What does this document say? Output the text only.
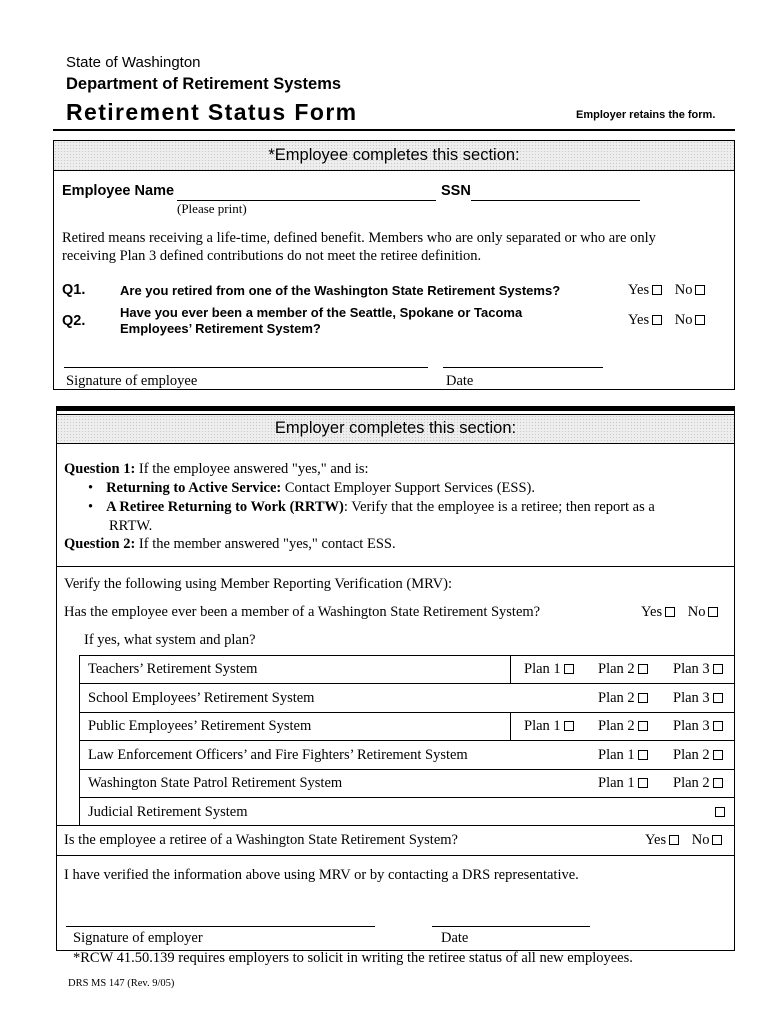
State of Washington
Department of Retirement Systems
Retirement Status Form	Employer retains the form.
*Employee completes this section:
Employee Name
(Please print)
SSN
Retired means receiving a life-time, defined benefit. Members who are only separated or who are only
receiving Plan 3 defined contributions do not meet the retiree definition.
Q1.	Are you retired from one of the Washington State Retirement Systems?	Yes No
Q2.
Have you ever been a member of the Seattle, Spokane or Tacoma
Employees’ Retirement System?
Yes No
Signature of employee	Date
Employer completes this section:
Question 1: If the employee answered "yes," and is:
• Returning to Active Service: Contact Employer Support Services (ESS).
• A Retiree Returning to Work (RRTW): Verify that the employee is a retiree; then report as a
RRTW.
Question 2: If the member answered "yes," contact ESS.
Verify the following using Member Reporting Verification (MRV):
Has the employee ever been a member of a Washington State Retirement System?	Yes No
If yes, what system and plan?
Teachers’ Retirement System	Plan 1	Plan 2	Plan 3
School Employees’ Retirement System	Plan 2	Plan 3
Public Employees’ Retirement System	Plan 1	Plan 2	Plan 3
Law Enforcement Officers’ and Fire Fighters’ Retirement System	Plan 1	Plan 2
Washington State Patrol Retirement System	Plan 1	Plan 2
Judicial Retirement System
Is the employee a retiree of a Washington State Retirement System?	Yes No
I have verified the information above using MRV or by contacting a DRS representative.
Signature of employer	Date
*RCW 41.50.139 requires employers to solicit in writing the retiree status of all new employees.
DRS MS 147 (Rev. 9/05)
